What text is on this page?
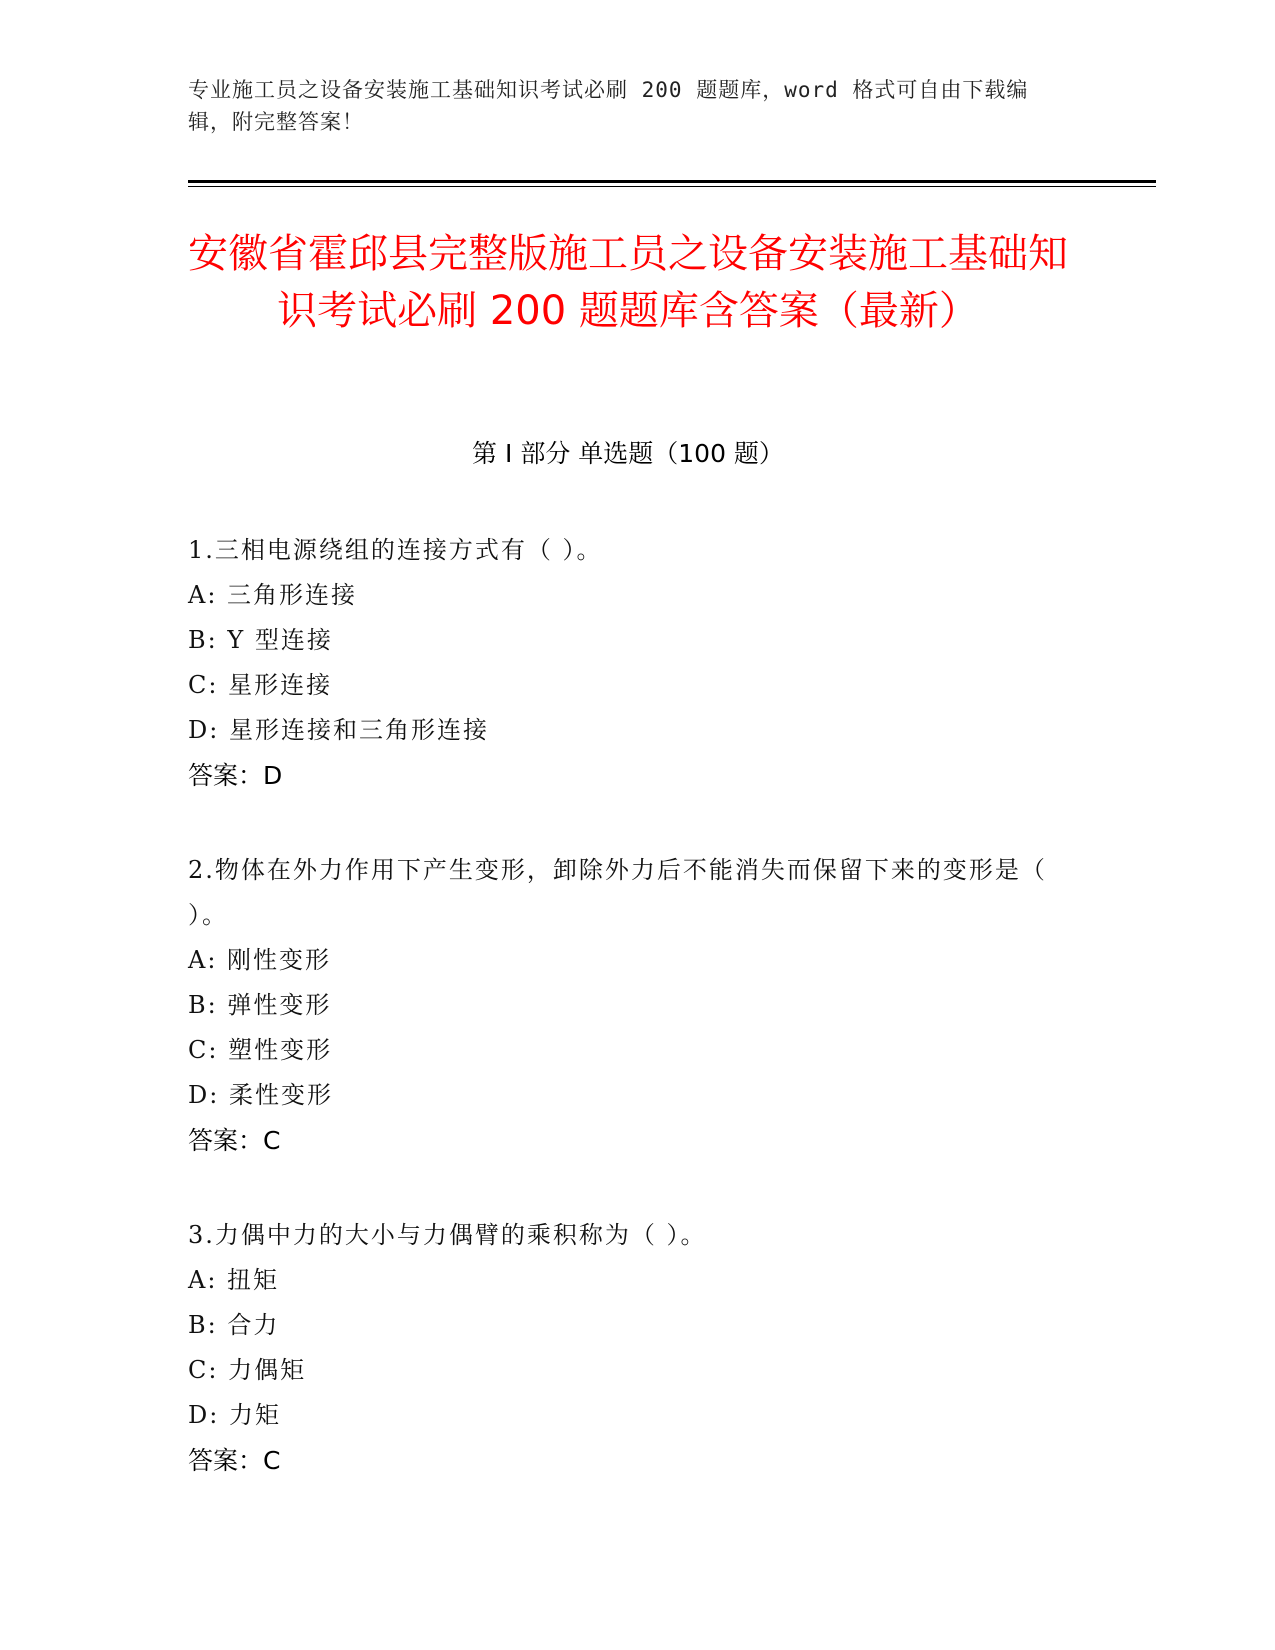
专业施工员之设备安装施工基础知识考试必刷 200 题题库，word 格式可自由下载编辑，附完整答案！
安徽省霍邱县完整版施工员之设备安装施工基础知识考试必刷 200 题题库含答案（最新）
第 I 部分 单选题（100 题）
1.三相电源绕组的连接方式有（ ）。
A: 三角形连接
B: Y 型连接
C: 星形连接
D: 星形连接和三角形连接
答案：D
2.物体在外力作用下产生变形，卸除外力后不能消失而保留下来的变形是（ ）。
A: 刚性变形
B: 弹性变形
C: 塑性变形
D: 柔性变形
答案：C
3.力偶中力的大小与力偶臂的乘积称为（ ）。
A: 扭矩
B: 合力
C: 力偶矩
D: 力矩
答案：C
